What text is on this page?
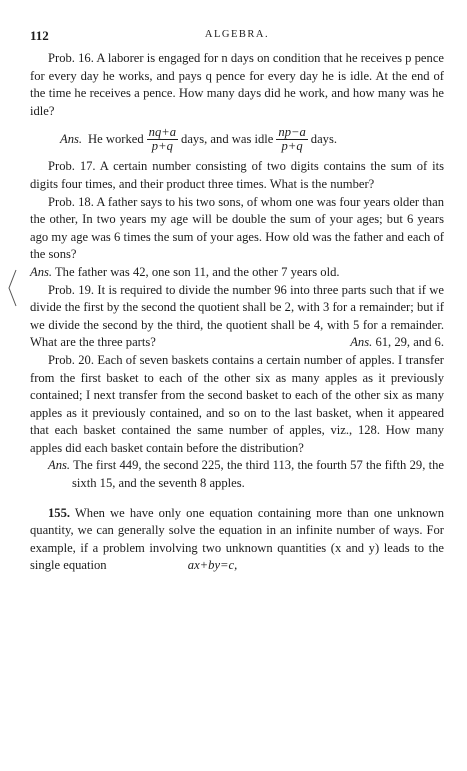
112	ALGEBRA.

Prob. 16. A laborer is engaged for n days on condition that he receives p pence for every day he works, and pays q pence for every day he is idle. At the end of the time he receives a pence. How many days did he work, and how many was he idle?

Ans. He worked $\frac{nq+a}{p+q}$ days, and was idle $\frac{np-a}{p+q}$ days.

Prob. 17. A certain number consisting of two digits contains the sum of its digits four times, and their product three times. What is the number?

Prob. 18. A father says to his two sons, of whom one was four years older than the other, In two years my age will be double the sum of your ages; but 6 years ago my age was 6 times the sum of your ages. How old was the father and each of the sons?

Ans. The father was 42, one son 11, and the other 7 years old.

Prob. 19. It is required to divide the number 96 into three parts such that if we divide the first by the second the quotient shall be 2, with 3 for a remainder; but if we divide the second by the third, the quotient shall be 4, with 5 for a remainder. What are the three parts?	Ans. 61, 29, and 6.

Prob. 20. Each of seven baskets contains a certain number of apples. I transfer from the first basket to each of the other six as many apples as it previously contained; I next transfer from the second basket to each of the other six as many apples as it previously contained, and so on to the last basket, when it appeared that each basket contained the same number of apples, viz., 128. How many apples did each basket contain before the distribution?

Ans. The first 449, the second 225, the third 113, the fourth 57 the fifth 29, the sixth 15, and the seventh 8 apples.

155. When we have only one equation containing more than one unknown quantity, we can generally solve the equation in an infinite number of ways. For example, if a problem involving two unknown quantities (x and y) leads to the single equation	ax+by=c,
